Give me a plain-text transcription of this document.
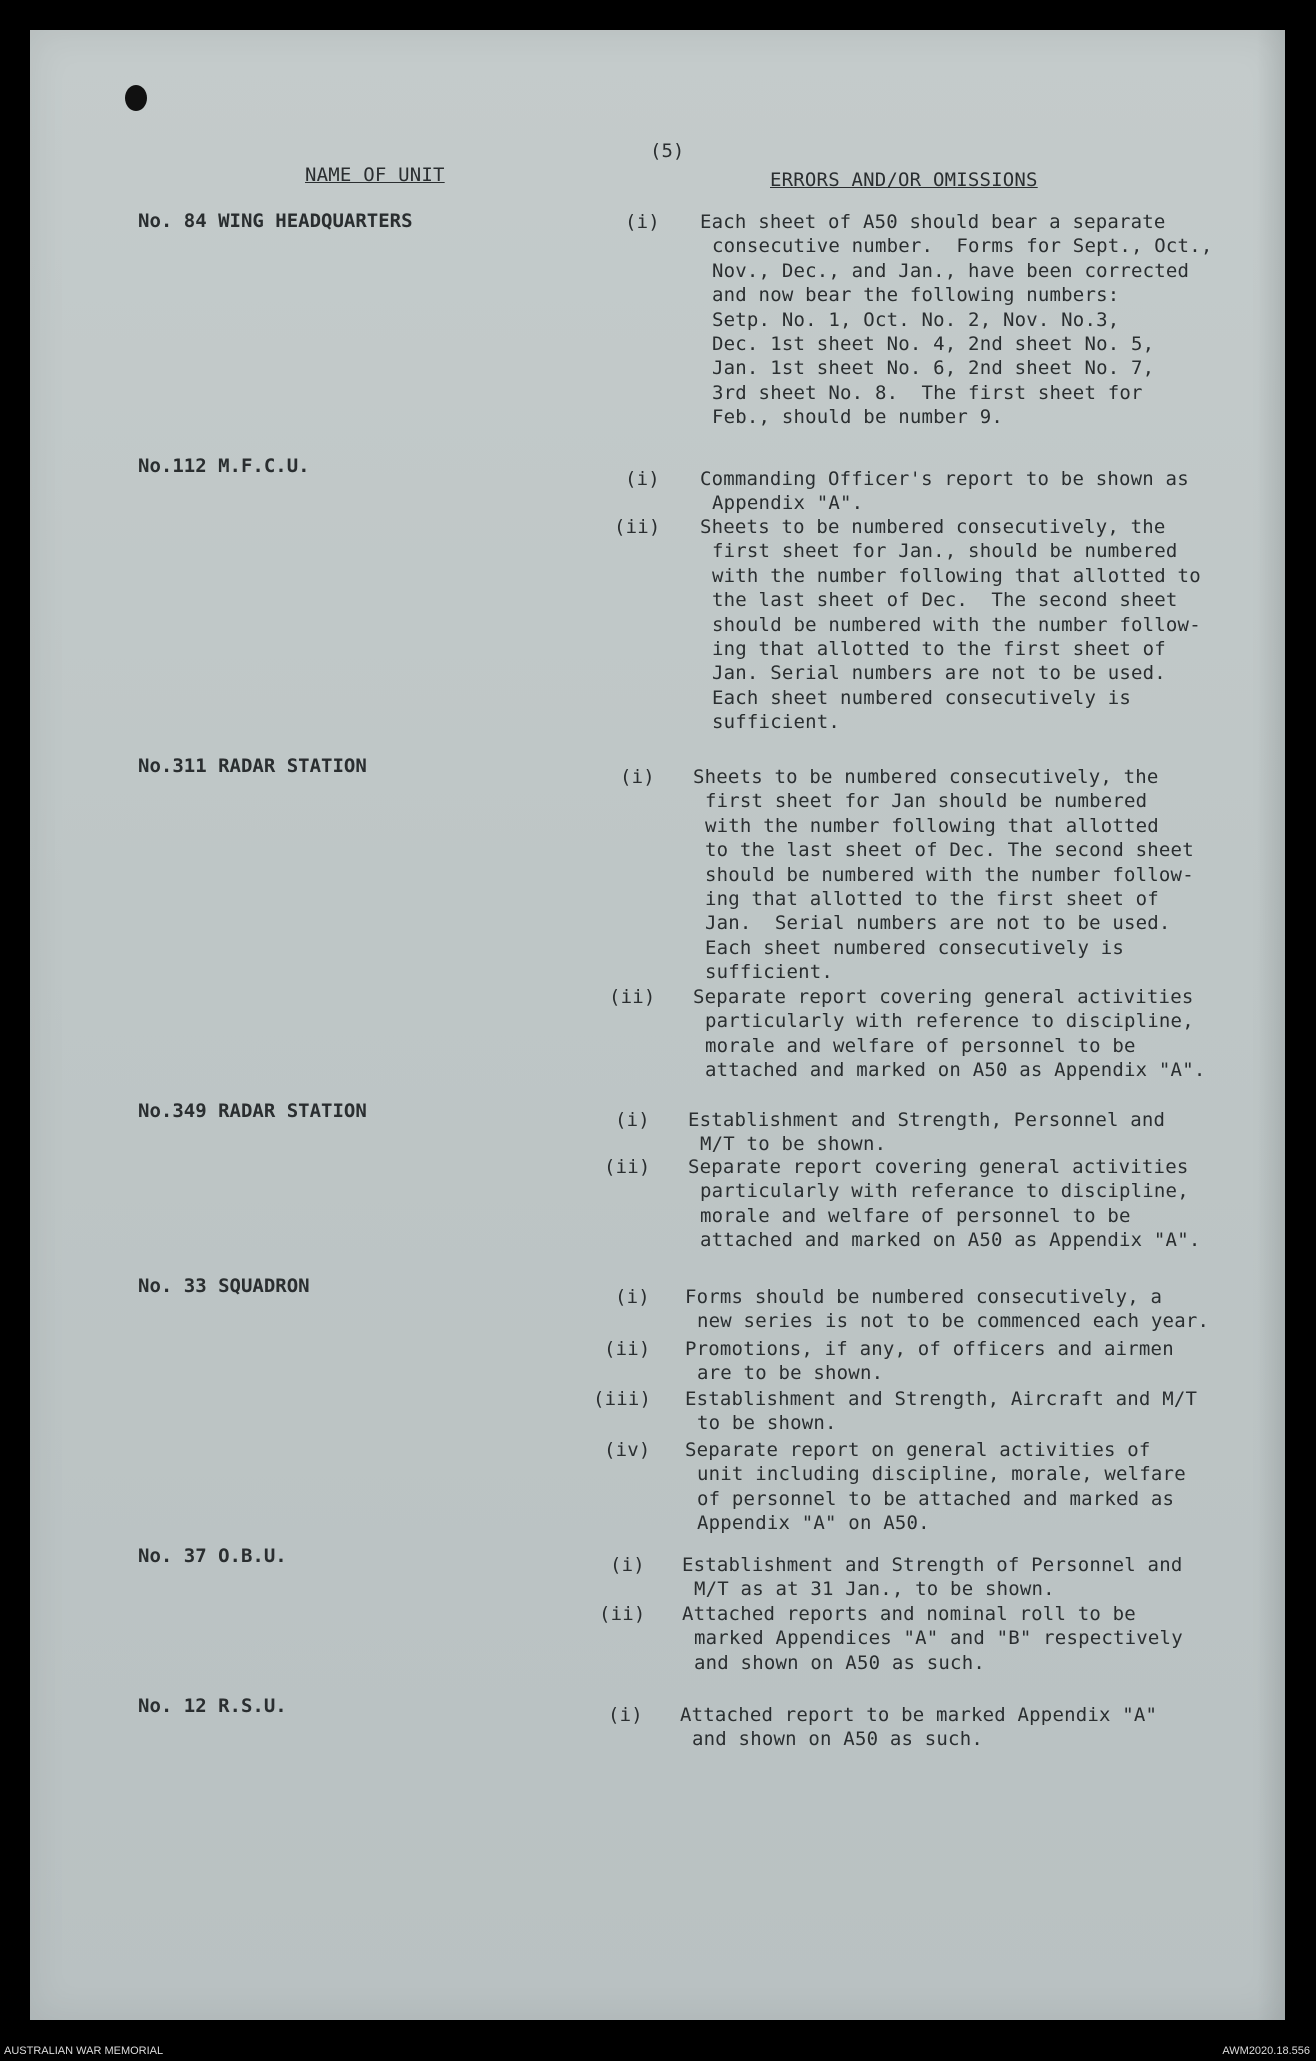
(5)
NAME OF UNIT	ERRORS AND/OR OMISSIONS
No. 84 WING HEADQUARTERS	(i) Each sheet of A50 should bear a separate
consecutive number.  Forms for Sept., Oct.,
Nov., Dec., and Jan., have been corrected
and now bear the following numbers:
Setp. No. 1, Oct. No. 2, Nov. No.3,
Dec. 1st sheet No. 4, 2nd sheet No. 5,
Jan. 1st sheet No. 6, 2nd sheet No. 7,
3rd sheet No. 8.  The first sheet for
Feb., should be number 9.
No.112 M.F.C.U.
(i) Commanding Officer's report to be shown as
Appendix "A".
(ii) Sheets to be numbered consecutively, the
first sheet for Jan., should be numbered
with the number following that allotted to
the last sheet of Dec.  The second sheet
should be numbered with the number follow-
ing that allotted to the first sheet of
Jan. Serial numbers are not to be used.
Each sheet numbered consecutively is
sufficient.
No.311 RADAR STATION	(i) Sheets to be numbered consecutively, the
first sheet for Jan should be numbered
with the number following that allotted
to the last sheet of Dec. The second sheet
should be numbered with the number follow-
ing that allotted to the first sheet of
Jan.  Serial numbers are not to be used.
Each sheet numbered consecutively is
sufficient.
(ii) Separate report covering general activities
particularly with reference to discipline,
morale and welfare of personnel to be
attached and marked on A50 as Appendix "A".
No.349 RADAR STATION	(i) Establishment and Strength, Personnel and
M/T to be shown.
(ii) Separate report covering general activities
particularly with referance to discipline,
morale and welfare of personnel to be
attached and marked on A50 as Appendix "A".
No. 33 SQUADRON	(i) Forms should be numbered consecutively, a
new series is not to be commenced each year.
(ii) Promotions, if any, of officers and airmen
are to be shown.
(iii) Establishment and Strength, Aircraft and M/T
to be shown.
(iv) Separate report on general activities of
unit including discipline, morale, welfare
of personnel to be attached and marked as
Appendix "A" on A50.
No. 37 O.B.U.	(i) Establishment and Strength of Personnel and
M/T as at 31 Jan., to be shown.
(ii) Attached reports and nominal roll to be
marked Appendices "A" and "B" respectively
and shown on A50 as such.
No. 12 R.S.U.	(i) Attached report to be marked Appendix "A"
and shown on A50 as such.
AUSTRALIAN WAR MEMORIAL	AWM2020.18.556
